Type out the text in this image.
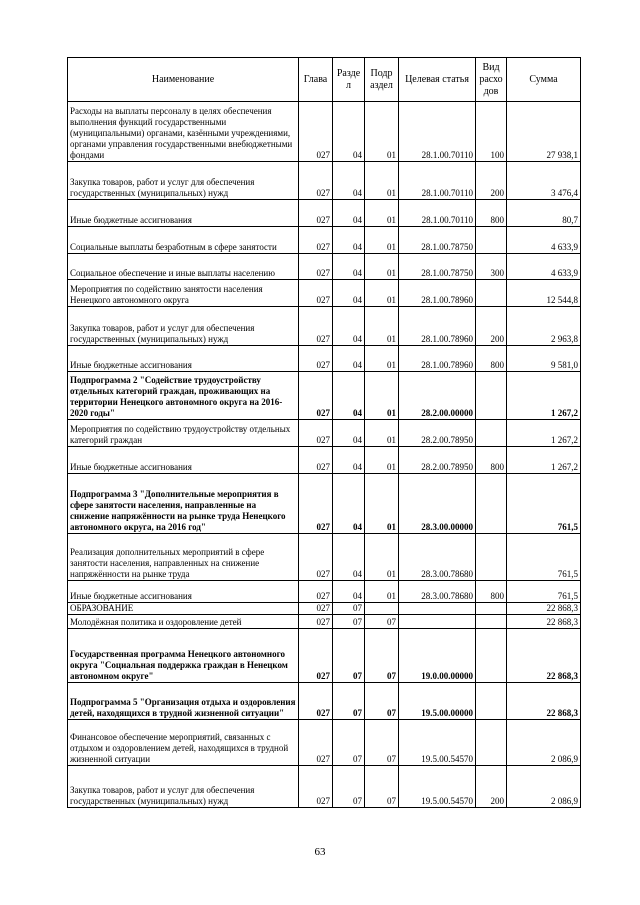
Наименование	Глава	Разде л	Подр аздел	Целевая статья	Вид расхо дов	Сумма
Расходы на выплаты персоналу в целях обеспечения выполнения функций государственными (муниципальными) органами, казёнными учреждениями, органами управления государственными внебюджетными фондами	027	04	01	28.1.00.70110	100	27 938,1
Закупка товаров, работ и услуг для обеспечения государственных (муниципальных) нужд	027	04	01	28.1.00.70110	200	3 476,4
Иные бюджетные ассигнования	027	04	01	28.1.00.70110	800	80,7
Социальные выплаты безработным в сфере занятости	027	04	01	28.1.00.78750		4 633,9
Социальное обеспечение и иные выплаты населению	027	04	01	28.1.00.78750	300	4 633,9
Мероприятия по содействию занятости населения Ненецкого автономного округа	027	04	01	28.1.00.78960		12 544,8
Закупка товаров, работ и услуг для обеспечения государственных (муниципальных) нужд	027	04	01	28.1.00.78960	200	2 963,8
Иные бюджетные ассигнования	027	04	01	28.1.00.78960	800	9 581,0
Подпрограмма 2 "Содействие трудоустройству отдельных категорий граждан, проживающих на территории Ненецкого автономного округа на 2016-2020 годы"	027	04	01	28.2.00.00000		1 267,2
Мероприятия по содействию трудоустройству отдельных категорий граждан	027	04	01	28.2.00.78950		1 267,2
Иные бюджетные ассигнования	027	04	01	28.2.00.78950	800	1 267,2
Подпрограмма 3 "Дополнительные мероприятия в сфере занятости населения, направленные на снижение напряжённости на рынке труда Ненецкого автономного округа, на 2016 год"	027	04	01	28.3.00.00000		761,5
Реализация дополнительных мероприятий в сфере занятости населения, направленных на снижение напряжённости на рынке труда	027	04	01	28.3.00.78680		761,5
Иные бюджетные ассигнования	027	04	01	28.3.00.78680	800	761,5
ОБРАЗОВАНИЕ	027	07				22 868,3
Молодёжная политика и оздоровление детей	027	07	07			22 868,3
Государственная программа Ненецкого автономного округа "Социальная поддержка граждан в Ненецком автономном округе"	027	07	07	19.0.00.00000		22 868,3
Подпрограмма 5 "Организация отдыха и оздоровления детей, находящихся в трудной жизненной ситуации"	027	07	07	19.5.00.00000		22 868,3
Финансовое обеспечение мероприятий, связанных с отдыхом и оздоровлением детей, находящихся в трудной жизненной ситуации	027	07	07	19.5.00.54570		2 086,9
Закупка товаров, работ и услуг для обеспечения государственных (муниципальных) нужд	027	07	07	19.5.00.54570	200	2 086,9
63
